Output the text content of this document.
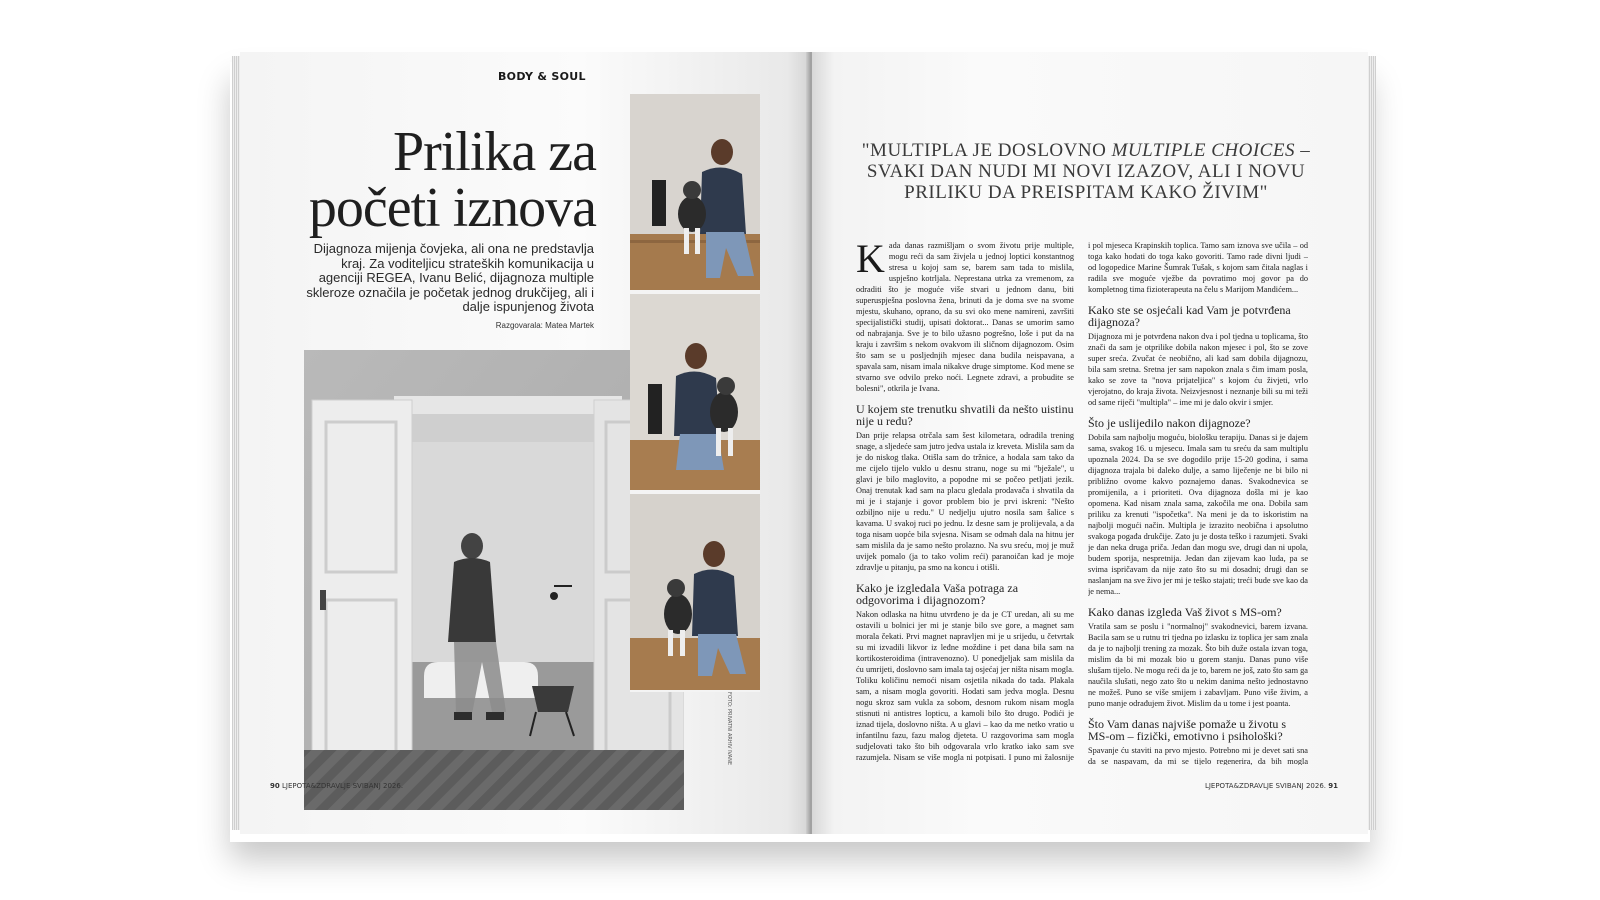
BODY & SOUL
Prilika za
početi iznova
Dijagnoza mijenja čovjeka, ali ona ne predstavlja kraj. Za voditeljicu strateških komunikacija u agenciji REGEA, Ivanu Belić, dijagnoza multiple skleroze označila je početak jednog drukčijeg, ali i dalje ispunjenog života
Razgovarala: Matea Martek
FOTO: PRIVATNI ARHIV IVANE
90 LJEPOTA&ZDRAVLJE SVIBANJ 2026.
"MULTIPLA JE DOSLOVNO MULTIPLE CHOICES – SVAKI DAN NUDI MI NOVI IZAZOV, ALI I NOVU PRILIKU DA PREISPITAM KAKO ŽIVIM"

Kada danas razmišljam o svom životu prije multiple, mogu reći da sam živjela u jednoj loptici konstantnog stresa u kojoj sam se, barem sam tada to mislila, uspješno kotrljala. Neprestana utrka za vremenom, za odraditi što je moguće više stvari u jednom danu, biti superuspješna poslovna žena, brinuti da je doma sve na svome mjestu, skuhano, oprano, da su svi oko mene namireni, završiti specijalistički studij, upisati doktorat... Danas se umorim samo od nabrajanja. Sve je to bilo užasno pogrešno, loše i put da na kraju i završim s nekom ovakvom ili sličnom dijagnozom. Osim što sam se u posljednjih mjesec dana budila neispavana, a spavala sam, nisam imala nikakve druge simptome. Kod mene se stvarno sve odvilo preko noći. Legnete zdravi, a probudite se bolesni", otkrila je Ivana.

U kojem ste trenutku shvatili da nešto uistinu nije u redu?

Dan prije relapsa otrčala sam šest kilometara, odradila trening snage, a sljedeće sam jutro jedva ustala iz kreveta. Mislila sam da je do niskog tlaka. Otišla sam do tržnice, a hodala sam tako da me cijelo tijelo vuklo u desnu stranu, noge su mi "bježale", u glavi je bilo maglovito, a popodne mi se počeo petljati jezik. Onaj trenutak kad sam na placu gledala prodavača i shvatila da mi je i stajanje i govor problem bio je prvi iskreni: "Nešto ozbiljno nije u redu." U nedjelju ujutro nosila sam šalice s kavama. U svakoj ruci po jednu. Iz desne sam je prolijevala, a da toga nisam uopće bila svjesna. Nisam se odmah dala na hitnu jer sam mislila da je samo nešto prolazno. Na svu sreću, moj je muž uvijek pomalo (ja to tako volim reći) paranoičan kad je moje zdravlje u pitanju, pa smo na koncu i otišli.

Kako je izgledala Vaša potraga za odgovorima i dijagnozom?

Nakon odlaska na hitnu utvrđeno je da je CT uredan, ali su me ostavili u bolnici jer mi je stanje bilo sve gore, a magnet sam morala čekati. Prvi magnet napravljen mi je u srijedu, u četvrtak su mi izvadili likvor iz leđne moždine i pet dana bila sam na kortikosteroidima (intravenozno). U ponedjeljak sam mislila da ću umrijeti, doslovno sam imala taj osjećaj jer ništa nisam mogla. Toliku količinu nemoći nisam osjetila nikada do tada. Plakala sam, a nisam mogla govoriti. Hodati sam jedva mogla. Desnu nogu skroz sam vukla za sobom, desnom rukom nisam mogla stisnuti ni antistres lopticu, a kamoli bilo što drugo. Podići je iznad tijela, doslovno ništa. A u glavi – kao da me netko vratio u infantilnu fazu, fazu malog djeteta. U razgovorima sam mogla sudjelovati tako što bih odgovarala vrlo kratko iako sam sve razumjela. Nisam se više mogla ni potpisati. I puno mi žalosnije

i pol mjeseca Krapinskih toplica. Tamo sam iznova sve učila – od toga kako hodati do toga kako govoriti. Tamo rade divni ljudi – od logopedice Marine Šumrak Tušak, s kojom sam čitala naglas i radila sve moguće vježbe da povratimo moj govor pa do kompletnog tima fizioterapeuta na čelu s Marijom Mandićem...

Kako ste se osjećali kad Vam je potvrđena dijagnoza?

Dijagnoza mi je potvrđena nakon dva i pol tjedna u toplicama, što znači da sam je otprilike dobila nakon mjesec i pol, što se zove super sreća. Zvučat će neobično, ali kad sam dobila dijagnozu, bila sam sretna. Sretna jer sam napokon znala s čim imam posla, kako se zove ta "nova prijateljica" s kojom ću živjeti, vrlo vjerojatno, do kraja života. Neizvjesnost i neznanje bili su mi teži od same riječi "multipla" – ime mi je dalo okvir i smjer.

Što je uslijedilo nakon dijagnoze?

Dobila sam najbolju moguću, biološku terapiju. Danas si je dajem sama, svakog 16. u mjesecu. Imala sam tu sreću da sam multiplu upoznala 2024. Da se sve dogodilo prije 15-20 godina, i sama dijagnoza trajala bi daleko dulje, a samo liječenje ne bi bilo ni približno ovome kakvo poznajemo danas. Svakodnevica se promijenila, a i prioriteti. Ova dijagnoza došla mi je kao opomena. Kad nisam znala sama, zakočila me ona. Dobila sam priliku za krenuti "ispočetka". Na meni je da to iskoristim na najbolji mogući način. Multipla je izrazito neobična i apsolutno svakoga pogađa drukčije. Zato ju je dosta teško i razumjeti. Svaki je dan neka druga priča. Jedan dan mogu sve, drugi dan ni upola, budem sporija, nespretnija. Jedan dan zijevam kao luda, pa se svima ispričavam da nije zato što su mi dosadni; drugi dan se naslanjam na sve živo jer mi je teško stajati; treći bude sve kao da je nema...

Kako danas izgleda Vaš život s MS-om?

Vratila sam se poslu i "normalnoj" svakodnevici, barem izvana. Bacila sam se u rutnu tri tjedna po izlasku iz toplica jer sam znala da je to najbolji trening za mozak. Što bih duže ostala izvan toga, mislim da bi mi mozak bio u gorem stanju. Danas puno više slušam tijelo. Ne mogu reći da je to, barem ne još, zato što sam ga naučila slušati, nego zato što u nekim danima nešto jednostavno ne možeš. Puno se više smijem i zabavljam. Puno više živim, a puno manje odrađujem život. Mislim da u tome i jest poanta.

Što Vam danas najviše pomaže u životu s MS-om – fizički, emotivno i psihološki?

Spavanje ću staviti na prvo mjesto. Potrebno mi je devet sati sna da se naspavam, da mi se tijelo regenerira, da bih mogla

LJEPOTA&ZDRAVLJE SVIBANJ 2026. 91
